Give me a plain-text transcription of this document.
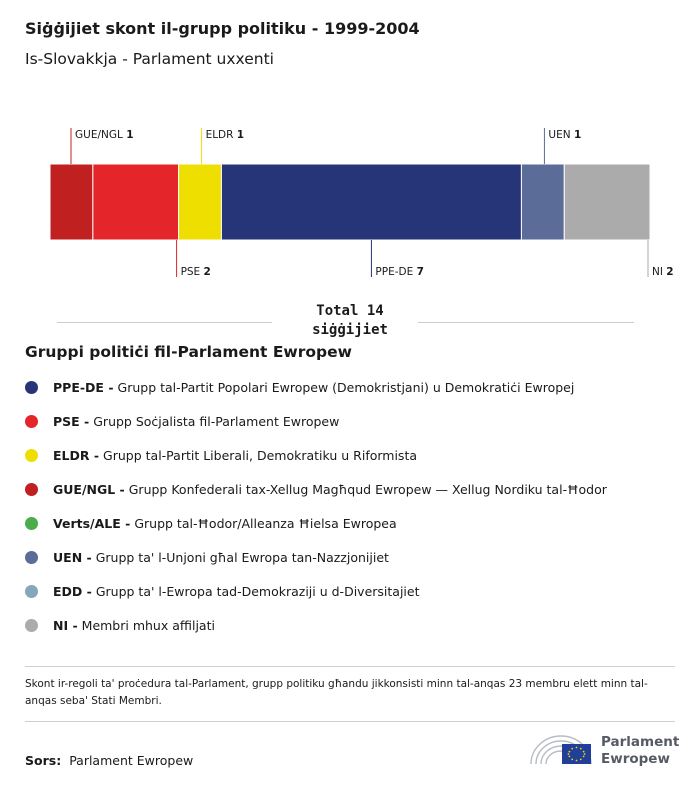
Siġġijiet skont il-grupp politiku - 1999-2004
Is-Slovakkja - Parlament uxxenti
GUE/NGL 1
PSE 2
ELDR 1
PPE-DE 7
UEN 1
NI 2
Total 14
siġġijiet
Gruppi politiċi fil-Parlament Ewropew
PPE-DE - Grupp tal-Partit Popolari Ewropew (Demokristjani) u Demokratiċi Ewropej
PSE - Grupp Soċjalista fil-Parlament Ewropew
ELDR - Grupp tal-Partit Liberali, Demokratiku u Riformista
GUE/NGL - Grupp Konfederali tax-Xellug Magħqud Ewropew — Xellug Nordiku tal-Ħodor
Verts/ALE - Grupp tal-Ħodor/Alleanza Ħielsa Ewropea
UEN - Grupp ta' l-Unjoni għal Ewropa tan-Nazzjonijiet
EDD - Grupp ta' l-Ewropa tad-Demokraziji u d-Diversitajiet
NI - Membri mhux affiljati
Skont ir-regoli ta' proċedura tal-Parlament, grupp politiku għandu jikkonsisti minn tal-anqas 23 membru elett minn tal-anqas seba' Stati Membri.
Sors: Parlament Ewropew
Parlament
Ewropew
